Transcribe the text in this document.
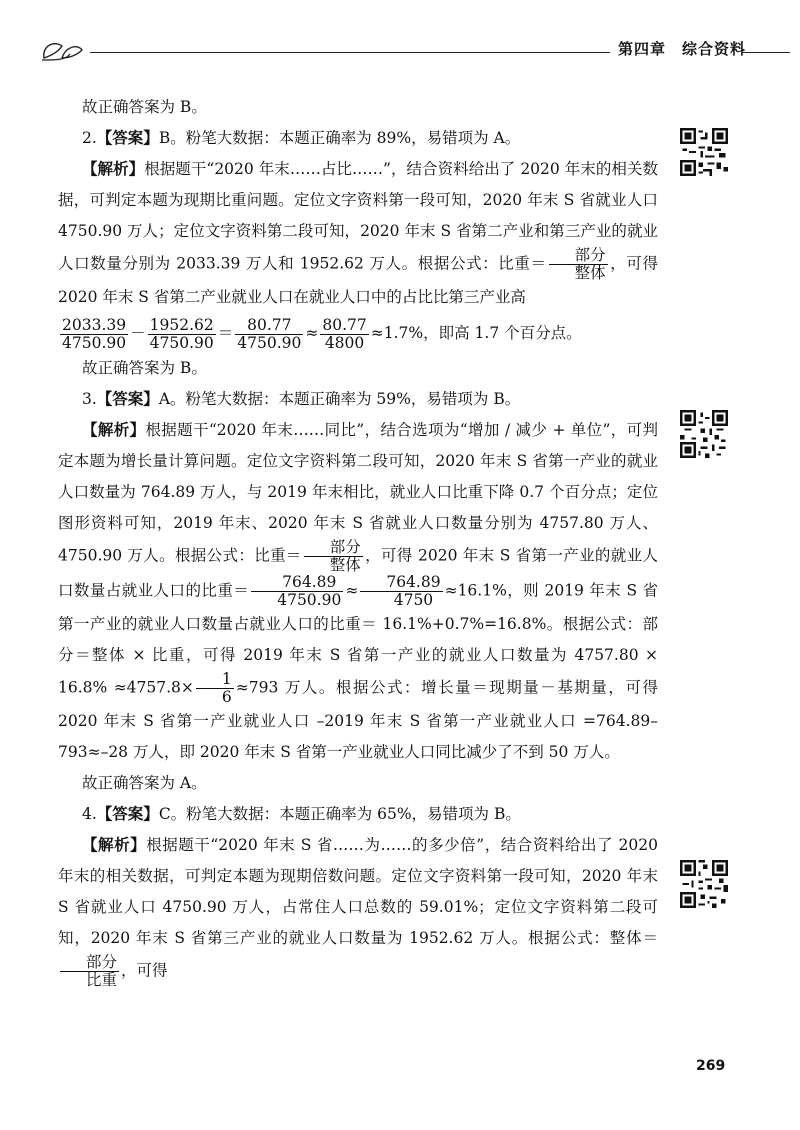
第四章　综合资料

故正确答案为 B。

2.【答案】B。粉笔大数据：本题正确率为 89%，易错项为 A。

【解析】根据题干“2020 年末……占比……”，结合资料给出了 2020 年末的相关数据，可判定本题为现期比重问题。定位文字资料第一段可知，2020 年末 S 省就业人口 4750.90 万人；定位文字资料第二段可知，2020 年末 S 省第二产业和第三产业的就业人口数量分别为 2033.39 万人和 1952.62 万人。根据公式：比重＝ $\frac{\text{部分}}{\text{整体}}$ ，可得 2020 年末 S 省第二产业就业人口在就业人口中的占比比第三产业高

$\frac{2033.39}{4750.90} - \frac{1952.62}{4750.90} = \frac{80.77}{4750.90} \approx \frac{80.77}{4800} \approx 1.7\%$，即高 1.7 个百分点。

故正确答案为 B。

3.【答案】A。粉笔大数据：本题正确率为 59%，易错项为 B。

【解析】根据题干“2020 年末……同比”，结合选项为“增加 / 减少 + 单位”，可判定本题为增长量计算问题。定位文字资料第二段可知，2020 年末 S 省第一产业的就业人口数量为 764.89 万人，与 2019 年末相比，就业人口比重下降 0.7 个百分点；定位图形资料可知，2019 年末、2020 年末 S 省就业人口数量分别为 4757.80 万人、4750.90 万人。根据公式：比重＝ $\frac{\text{部分}}{\text{整体}}$ ，可得 2020 年末 S 省第一产业的就业人口数量占就业人口的比重＝ $\frac{764.89}{4750.90} \approx \frac{764.89}{4750} \approx 16.1\%$，则 2019 年末 S 省第一产业的就业人口数量占就业人口的比重＝ 16.1%+0.7%=16.8%。根据公式：部分＝整体 × 比重，可得 2019 年末 S 省第一产业的就业人口数量为 $4757.80 \times 16.8\% \approx 4757.8\times \frac{1}{6} \approx 793$ 万人。根据公式：增长量＝现期量－基期量，可得 2020 年末 S 省第一产业就业人口 –2019 年末 S 省第一产业就业人口 =764.89–793≈–28 万人，即 2020 年末 S 省第一产业就业人口同比减少了不到 50 万人。

故正确答案为 A。

4.【答案】C。粉笔大数据：本题正确率为 65%，易错项为 B。

【解析】根据题干“2020 年末 S 省……为……的多少倍”，结合资料给出了 2020 年末的相关数据，可判定本题为现期倍数问题。定位文字资料第一段可知，2020 年末 S 省就业人口 4750.90 万人，占常住人口总数的 59.01%；定位文字资料第二段可知，2020 年末 S 省第三产业的就业人口数量为 1952.62 万人。根据公式：整体＝
$\frac{\text{部分}}{\text{比重}}$ ，可得

269
